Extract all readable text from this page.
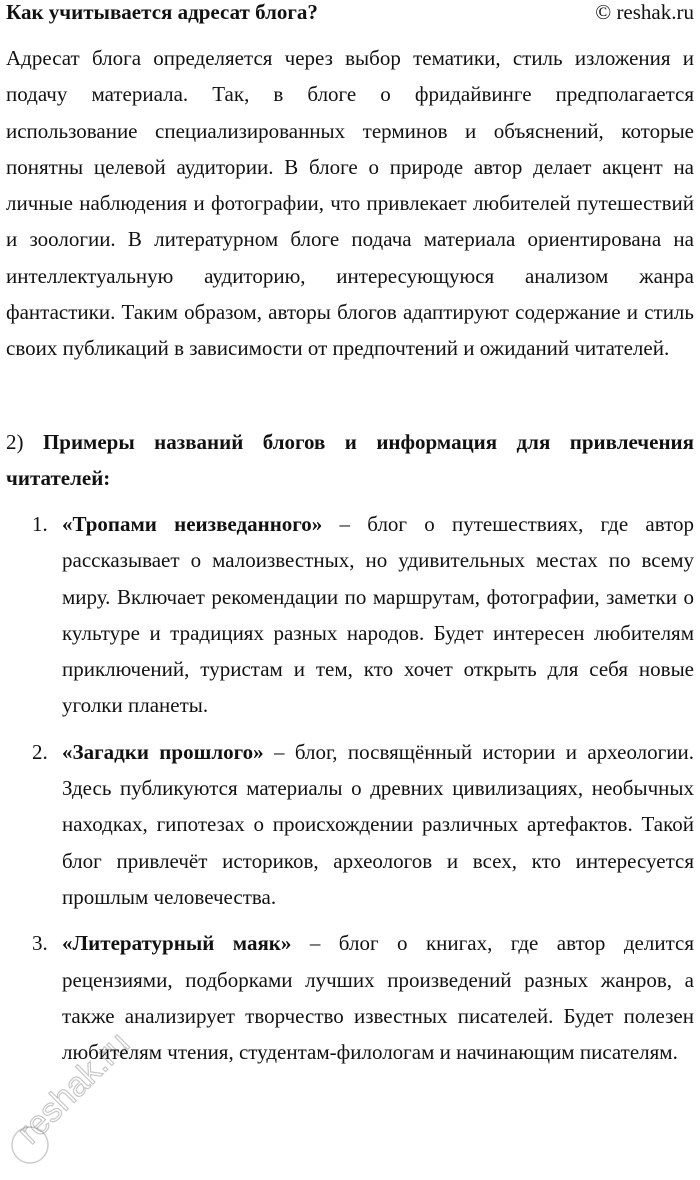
Как учитывается адресат блога?	© reshak.ru

Адресат блога определяется через выбор тематики, стиль изложения и подачу материала. Так, в блоге о фридайвинге предполагается использование специализированных терминов и объяснений, которые понятны целевой аудитории. В блоге о природе автор делает акцент на личные наблюдения и фотографии, что привлекает любителей путешествий и зоологии. В литературном блоге подача материала ориентирована на интеллектуальную аудиторию, интересующуюся анализом жанра фантастики. Таким образом, авторы блогов адаптируют содержание и стиль своих публикаций в зависимости от предпочтений и ожиданий читателей.

2) Примеры названий блогов и информация для привлечения читателей:

1. «Тропами неизведанного» – блог о путешествиях, где автор рассказывает о малоизвестных, но удивительных местах по всему миру. Включает рекомендации по маршрутам, фотографии, заметки о культуре и традициях разных народов. Будет интересен любителям приключений, туристам и тем, кто хочет открыть для себя новые уголки планеты.
2. «Загадки прошлого» – блог, посвящённый истории и археологии. Здесь публикуются материалы о древних цивилизациях, необычных находках, гипотезах о происхождении различных артефактов. Такой блог привлечёт историков, археологов и всех, кто интересуется прошлым человечества.
3. «Литературный маяк» – блог о книгах, где автор делится рецензиями, подборками лучших произведений разных жанров, а также анализирует творчество известных писателей. Будет полезен любителям чтения, студентам-филологам и начинающим писателям.
reshak.ru
